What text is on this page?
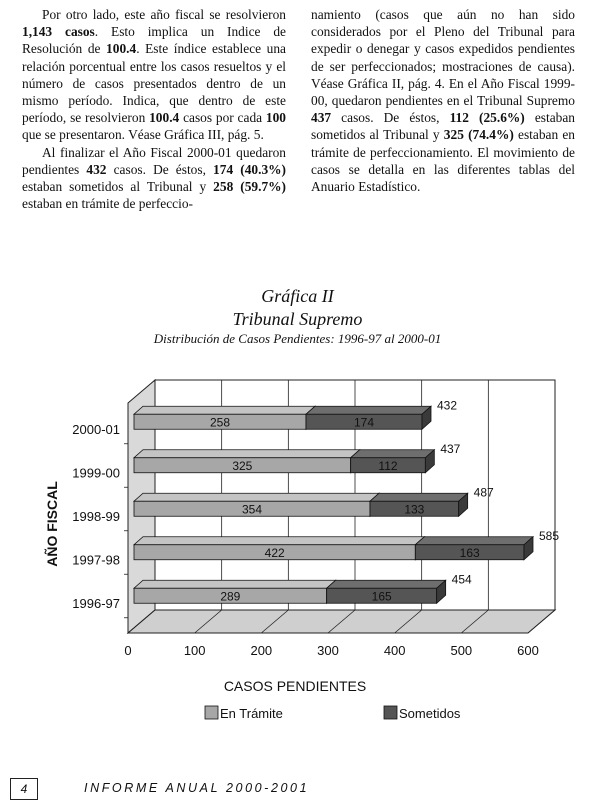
Por otro lado, este año fiscal se resolvieron 1,143 casos. Esto implica un Indice de Resolución de 100.4. Este índice establece una relación porcentual entre los casos resueltos y el número de casos presentados dentro de un mismo período. Indica, que dentro de este período, se resolvieron 100.4 casos por cada 100 que se presentaron. Véase Gráfica III, pág. 5.

Al finalizar el Año Fiscal 2000-01 quedaron pendientes 432 casos. De éstos, 174 (40.3%) estaban sometidos al Tribunal y 258 (59.7%) estaban en trámite de perfeccio-

namiento (casos que aún no han sido considerados por el Pleno del Tribunal para expedir o denegar y casos expedidos pendientes de ser perfeccionados; mostraciones de causa). Véase Gráfica II, pág. 4. En el Año Fiscal 1999-00, quedaron pendientes en el Tribunal Supremo 437 casos. De éstos, 112 (25.6%) estaban sometidos al Tribunal y 325 (74.4%) estaban en trámite de perfeccionamiento. El movimiento de casos se detalla en las diferentes tablas del Anuario Estadístico.

Gráfica II
Tribunal Supremo
Distribución de Casos Pendientes: 1996-97 al 2000-01
0	100	200	300	400	500	600
258	174
432
2000-01
325	112
437
1999-00
354	133
487
1998-99
422	163
585
1997-98
289	165
454
1996-97
CASOS PENDIENTES
AÑO FISCAL
En Trámite	Sometidos
4	INFORME ANUAL 2000-2001
